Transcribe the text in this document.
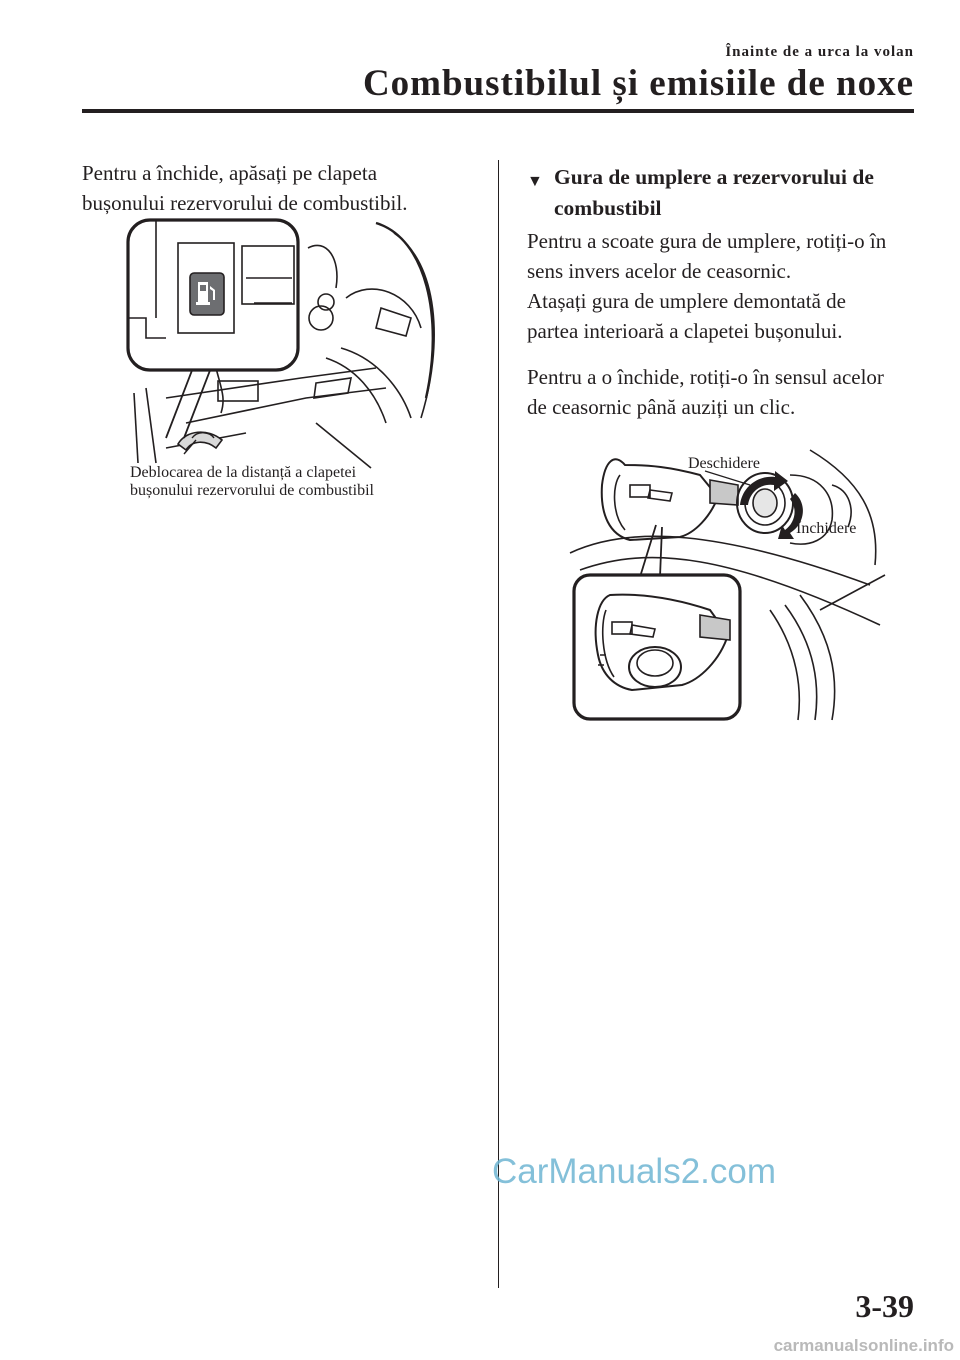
Înainte de a urca la volan
Combustibilul și emisiile de noxe
Pentru a închide, apăsați pe clapeta
bușonului rezervorului de combustibil.
Deblocarea de la distanță a clapetei
bușonului rezervorului de combustibil
▼ Gura de umplere a rezervorului de
combustibil
Pentru a scoate gura de umplere, rotiți-o în
sens invers acelor de ceasornic.
Atașați gura de umplere demontată de
partea interioară a clapetei bușonului.
Pentru a o închide, rotiți-o în sensul acelor
de ceasornic până auziți un clic.
Deschidere
Închidere
CarManuals2.com
3-39
carmanualsonline.info
